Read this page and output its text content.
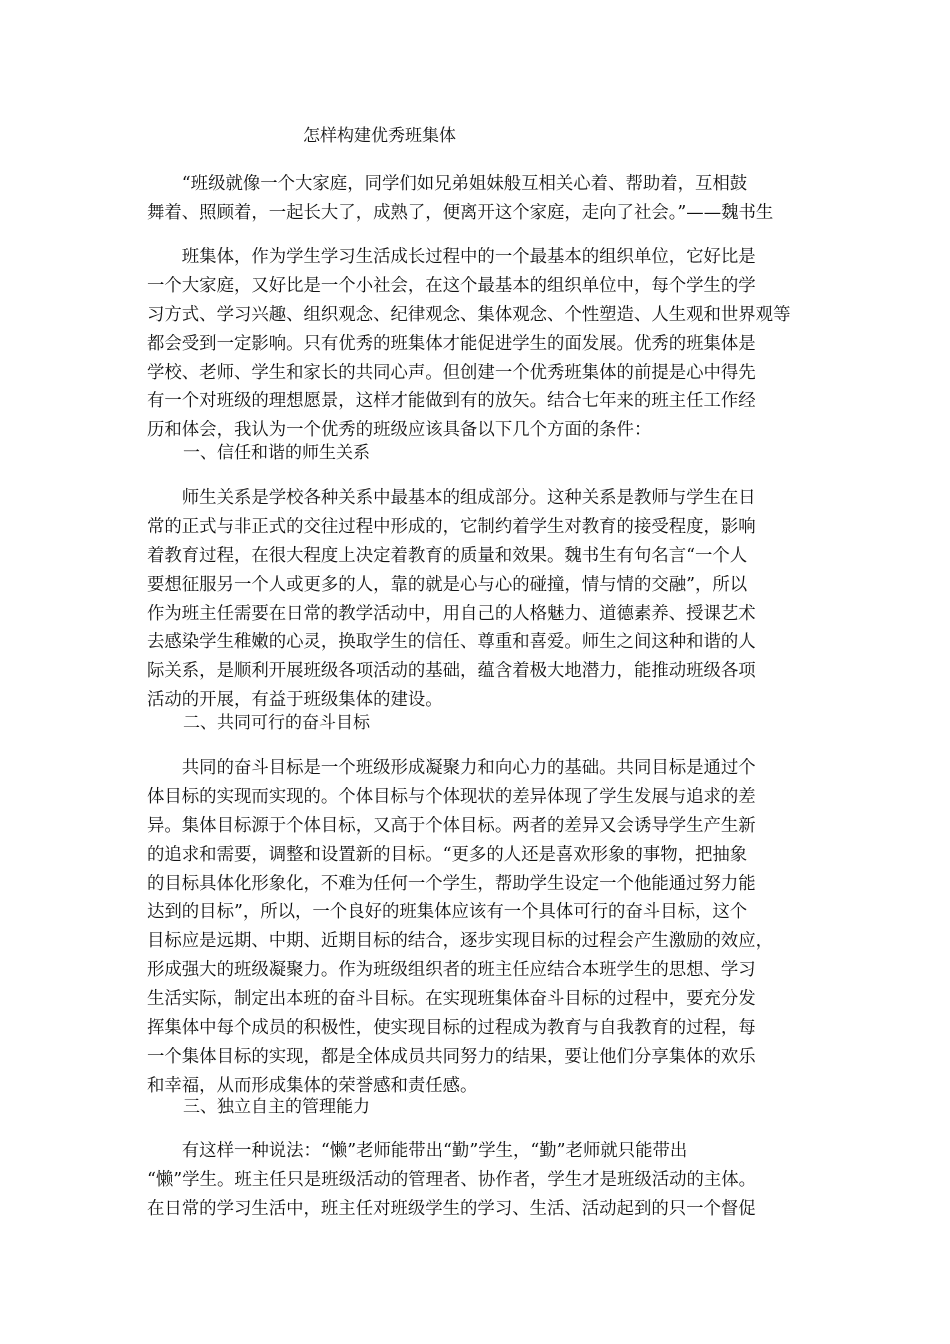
怎样构建优秀班集体
　　“班级就像一个大家庭，同学们如兄弟姐妹般互相关心着、帮助着，互相鼓
舞着、照顾着，一起长大了，成熟了，便离开这个家庭，走向了社会。”——魏书生
　　班集体，作为学生学习生活成长过程中的一个最基本的组织单位，它好比是
一个大家庭，又好比是一个小社会，在这个最基本的组织单位中，每个学生的学
习方式、学习兴趣、组织观念、纪律观念、集体观念、个性塑造、人生观和世界观等
都会受到一定影响。只有优秀的班集体才能促进学生的面发展。优秀的班集体是
学校、老师、学生和家长的共同心声。但创建一个优秀班集体的前提是心中得先
有一个对班级的理想愿景，这样才能做到有的放矢。结合七年来的班主任工作经
历和体会，我认为一个优秀的班级应该具备以下几个方面的条件：
一、信任和谐的师生关系
　　师生关系是学校各种关系中最基本的组成部分。这种关系是教师与学生在日
常的正式与非正式的交往过程中形成的，它制约着学生对教育的接受程度，影响
着教育过程，在很大程度上决定着教育的质量和效果。魏书生有句名言“一个人
要想征服另一个人或更多的人，靠的就是心与心的碰撞，情与情的交融”，所以
作为班主任需要在日常的教学活动中，用自己的人格魅力、道德素养、授课艺术
去感染学生稚嫩的心灵，换取学生的信任、尊重和喜爱。师生之间这种和谐的人
际关系，是顺利开展班级各项活动的基础，蕴含着极大地潜力，能推动班级各项
活动的开展，有益于班级集体的建设。
二、共同可行的奋斗目标
　　共同的奋斗目标是一个班级形成凝聚力和向心力的基础。共同目标是通过个
体目标的实现而实现的。个体目标与个体现状的差异体现了学生发展与追求的差
异。集体目标源于个体目标，又高于个体目标。两者的差异又会诱导学生产生新
的追求和需要，调整和设置新的目标。“更多的人还是喜欢形象的事物，把抽象
的目标具体化形象化，不难为任何一个学生，帮助学生设定一个他能通过努力能
达到的目标”，所以，一个良好的班集体应该有一个具体可行的奋斗目标，这个
目标应是远期、中期、近期目标的结合，逐步实现目标的过程会产生激励的效应，
形成强大的班级凝聚力。作为班级组织者的班主任应结合本班学生的思想、学习
生活实际，制定出本班的奋斗目标。在实现班集体奋斗目标的过程中，要充分发
挥集体中每个成员的积极性，使实现目标的过程成为教育与自我教育的过程，每
一个集体目标的实现，都是全体成员共同努力的结果，要让他们分享集体的欢乐
和幸福，从而形成集体的荣誉感和责任感。
三、独立自主的管理能力
　　有这样一种说法：“懒”老师能带出“勤”学生，“勤”老师就只能带出
“懒”学生。班主任只是班级活动的管理者、协作者，学生才是班级活动的主体。
在日常的学习生活中，班主任对班级学生的学习、生活、活动起到的只一个督促
